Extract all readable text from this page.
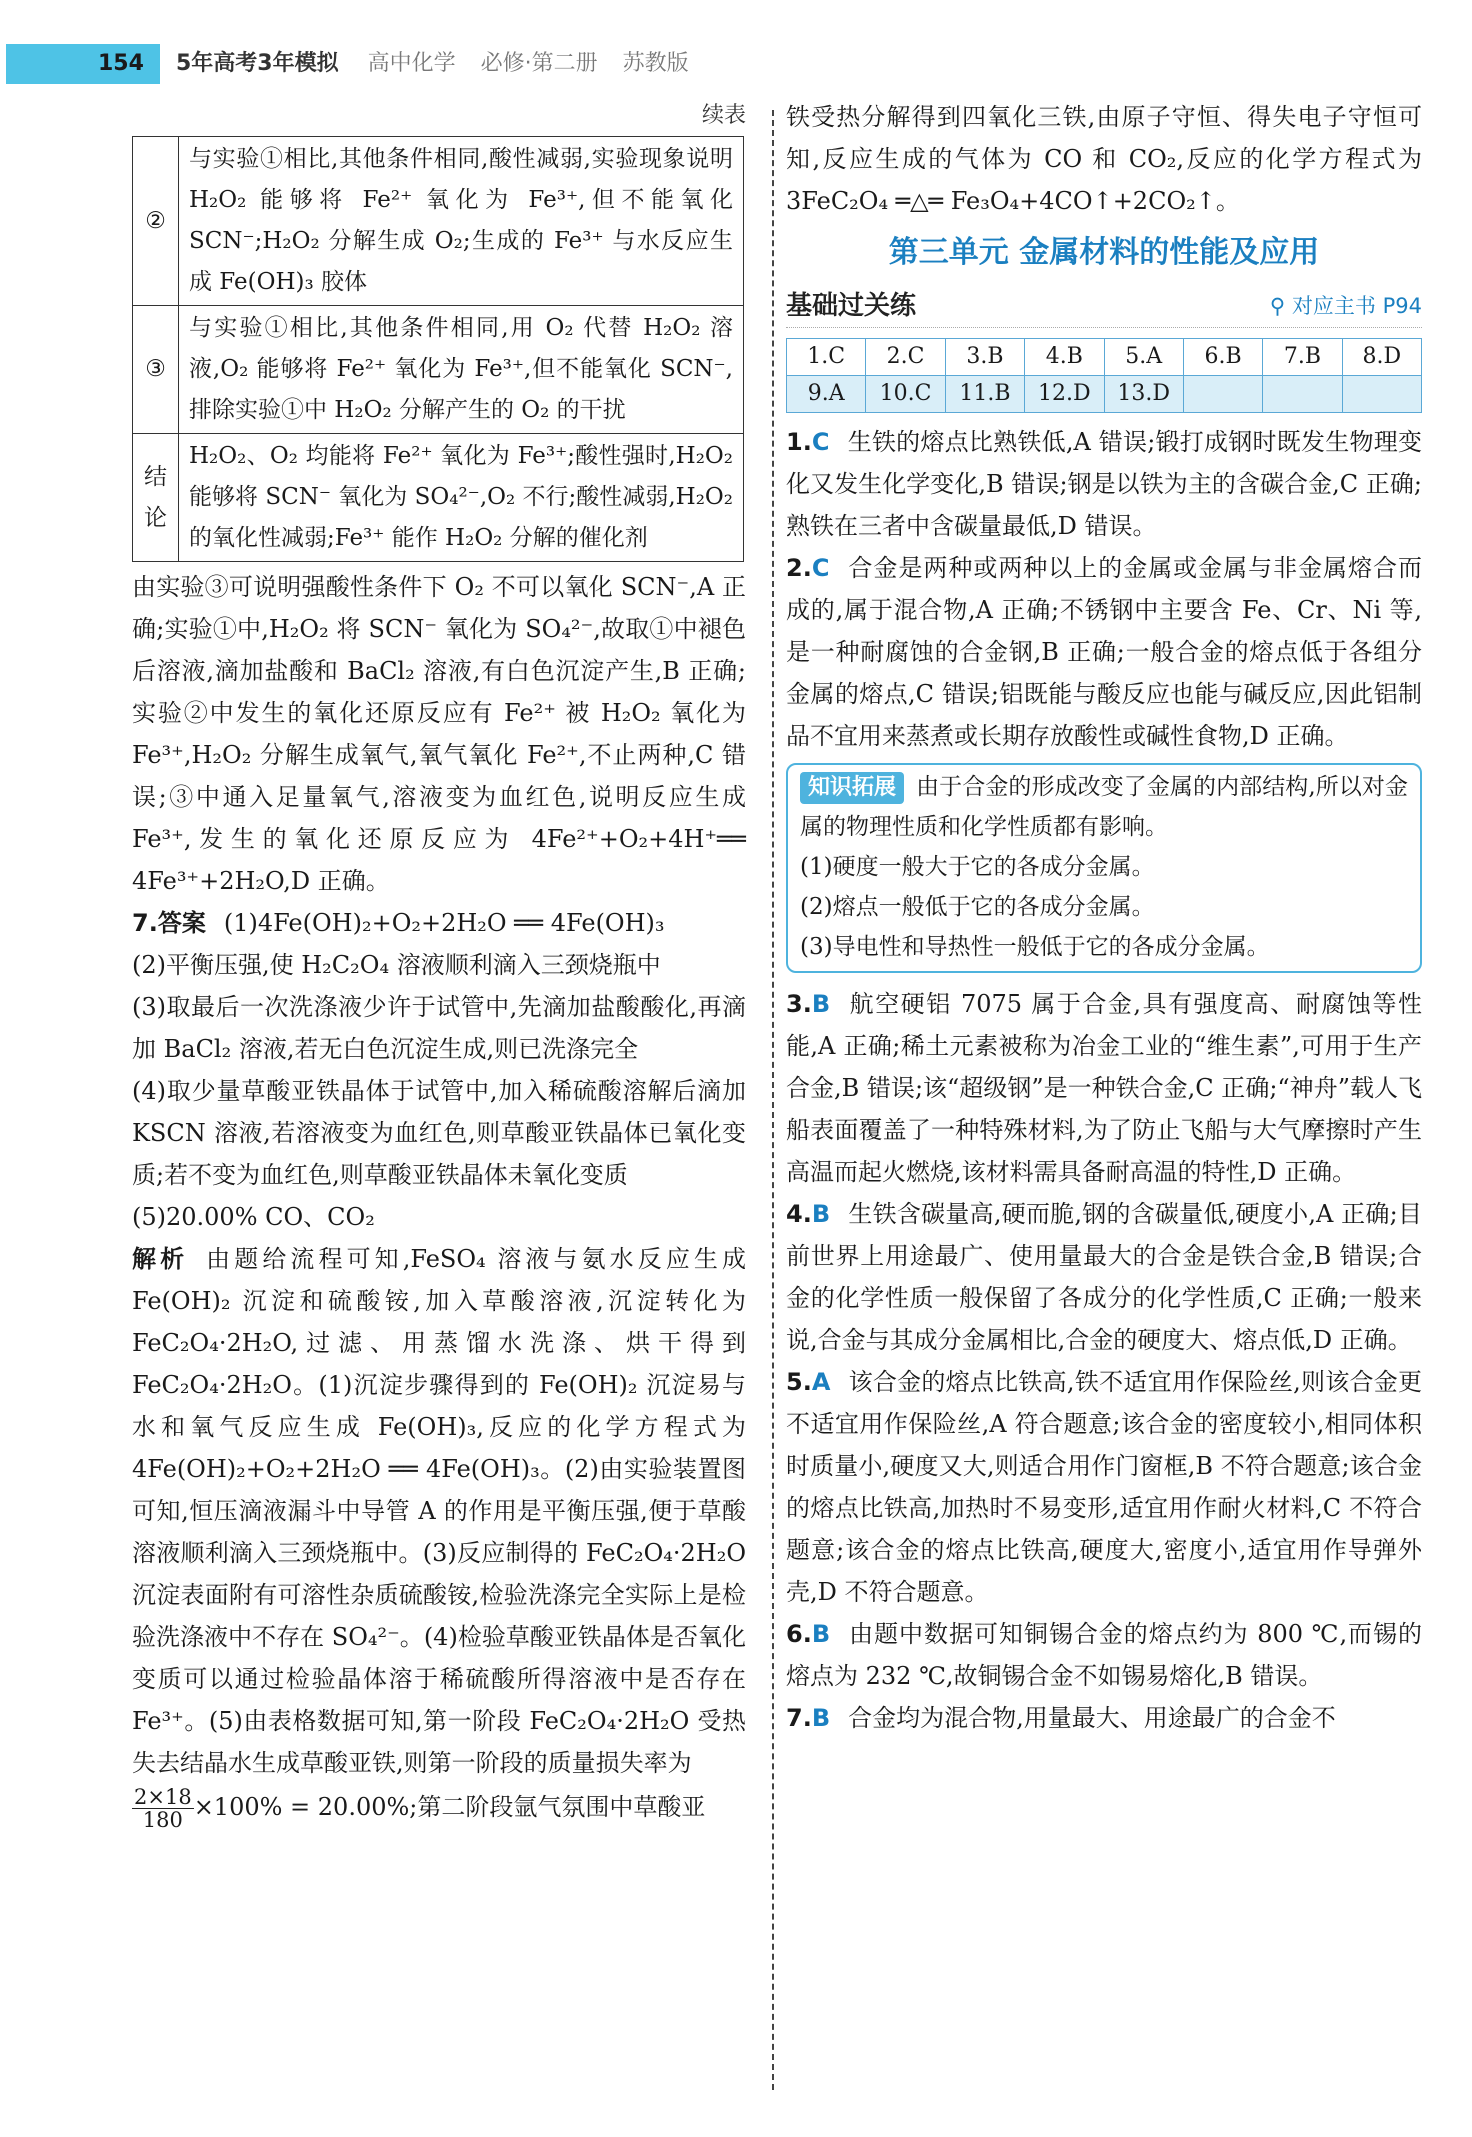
154	5年高考3年模拟 高中化学 必修·第二册 苏教版
续表
②	与实验①相比,其他条件相同,酸性减弱,实验现象说明 H₂O₂ 能够将 Fe²⁺ 氧化为 Fe³⁺,但不能氧化 SCN⁻;H₂O₂ 分解生成 O₂;生成的 Fe³⁺ 与水反应生成 Fe(OH)₃ 胶体
③	与实验①相比,其他条件相同,用 O₂ 代替 H₂O₂ 溶液,O₂ 能够将 Fe²⁺ 氧化为 Fe³⁺,但不能氧化 SCN⁻,排除实验①中 H₂O₂ 分解产生的 O₂ 的干扰
结论	H₂O₂、O₂ 均能将 Fe²⁺ 氧化为 Fe³⁺;酸性强时,H₂O₂ 能够将 SCN⁻ 氧化为 SO₄²⁻,O₂ 不行;酸性减弱,H₂O₂ 的氧化性减弱;Fe³⁺ 能作 H₂O₂ 分解的催化剂

由实验③可说明强酸性条件下 O₂ 不可以氧化 SCN⁻,A 正确;实验①中,H₂O₂ 将 SCN⁻ 氧化为 SO₄²⁻,故取①中褪色后溶液,滴加盐酸和 BaCl₂ 溶液,有白色沉淀产生,B 正确;实验②中发生的氧化还原反应有 Fe²⁺ 被 H₂O₂ 氧化为 Fe³⁺,H₂O₂ 分解生成氧气,氧气氧化 Fe²⁺,不止两种,C 错误;③中通入足量氧气,溶液变为血红色,说明反应生成 Fe³⁺,发生的氧化还原反应为 4Fe²⁺+O₂+4H⁺══ 4Fe³⁺+2H₂O,D 正确。

7.答案 (1)4Fe(OH)₂+O₂+2H₂O ══ 4Fe(OH)₃

(2)平衡压强,使 H₂C₂O₄ 溶液顺利滴入三颈烧瓶中

(3)取最后一次洗涤液少许于试管中,先滴加盐酸酸化,再滴加 BaCl₂ 溶液,若无白色沉淀生成,则已洗涤完全

(4)取少量草酸亚铁晶体于试管中,加入稀硫酸溶解后滴加 KSCN 溶液,若溶液变为血红色,则草酸亚铁晶体已氧化变质;若不变为血红色,则草酸亚铁晶体未氧化变质

(5)20.00% CO、CO₂

解析 由题给流程可知,FeSO₄ 溶液与氨水反应生成 Fe(OH)₂ 沉淀和硫酸铵,加入草酸溶液,沉淀转化为 FeC₂O₄·2H₂O,过滤、用蒸馏水洗涤、烘干得到 FeC₂O₄·2H₂O。(1)沉淀步骤得到的 Fe(OH)₂ 沉淀易与水和氧气反应生成 Fe(OH)₃,反应的化学方程式为 4Fe(OH)₂+O₂+2H₂O ══ 4Fe(OH)₃。(2)由实验装置图可知,恒压滴液漏斗中导管 A 的作用是平衡压强,便于草酸溶液顺利滴入三颈烧瓶中。(3)反应制得的 FeC₂O₄·2H₂O 沉淀表面附有可溶性杂质硫酸铵,检验洗涤完全实际上是检验洗涤液中不存在 SO₄²⁻。(4)检验草酸亚铁晶体是否氧化变质可以通过检验晶体溶于稀硫酸所得溶液中是否存在 Fe³⁺。(5)由表格数据可知,第一阶段 FeC₂O₄·2H₂O 受热失去结晶水生成草酸亚铁,则第一阶段的质量损失率为

$\frac{2\times 18}{180} \times 100\% = 20.00\%$;第二阶段氩气氛围中草酸亚

铁受热分解得到四氧化三铁,由原子守恒、得失电子守恒可知,反应生成的气体为 CO 和 CO₂,反应的化学方程式为 3FeC₂O₄ ═△═ Fe₃O₄+4CO↑+2CO₂↑。

第三单元 金属材料的性能及应用
基础过关练	⚲ 对应主书 P94
1.C	2.C	3.B	4.B	5.A	6.B	7.B	8.D
9.A	10.C	11.B	12.D	13.D			

1.C 生铁的熔点比熟铁低,A 错误;锻打成钢时既发生物理变化又发生化学变化,B 错误;钢是以铁为主的含碳合金,C 正确;熟铁在三者中含碳量最低,D 错误。

2.C 合金是两种或两种以上的金属或金属与非金属熔合而成的,属于混合物,A 正确;不锈钢中主要含 Fe、Cr、Ni 等,是一种耐腐蚀的合金钢,B 正确;一般合金的熔点低于各组分金属的熔点,C 错误;铝既能与酸反应也能与碱反应,因此铝制品不宜用来蒸煮或长期存放酸性或碱性食物,D 正确。

知识拓展 由于合金的形成改变了金属的内部结构,所以对金属的物理性质和化学性质都有影响。
(1)硬度一般大于它的各成分金属。
(2)熔点一般低于它的各成分金属。
(3)导电性和导热性一般低于它的各成分金属。

3.B 航空硬铝 7075 属于合金,具有强度高、耐腐蚀等性能,A 正确;稀土元素被称为冶金工业的“维生素”,可用于生产合金,B 错误;该“超级钢”是一种铁合金,C 正确;“神舟”载人飞船表面覆盖了一种特殊材料,为了防止飞船与大气摩擦时产生高温而起火燃烧,该材料需具备耐高温的特性,D 正确。

4.B 生铁含碳量高,硬而脆,钢的含碳量低,硬度小,A 正确;目前世界上用途最广、使用量最大的合金是铁合金,B 错误;合金的化学性质一般保留了各成分的化学性质,C 正确;一般来说,合金与其成分金属相比,合金的硬度大、熔点低,D 正确。

5.A 该合金的熔点比铁高,铁不适宜用作保险丝,则该合金更不适宜用作保险丝,A 符合题意;该合金的密度较小,相同体积时质量小,硬度又大,则适合用作门窗框,B 不符合题意;该合金的熔点比铁高,加热时不易变形,适宜用作耐火材料,C 不符合题意;该合金的熔点比铁高,硬度大,密度小,适宜用作导弹外壳,D 不符合题意。

6.B 由题中数据可知铜锡合金的熔点约为 800 ℃,而锡的熔点为 232 ℃,故铜锡合金不如锡易熔化,B 错误。

7.B 合金均为混合物,用量最大、用途最广的合金不
